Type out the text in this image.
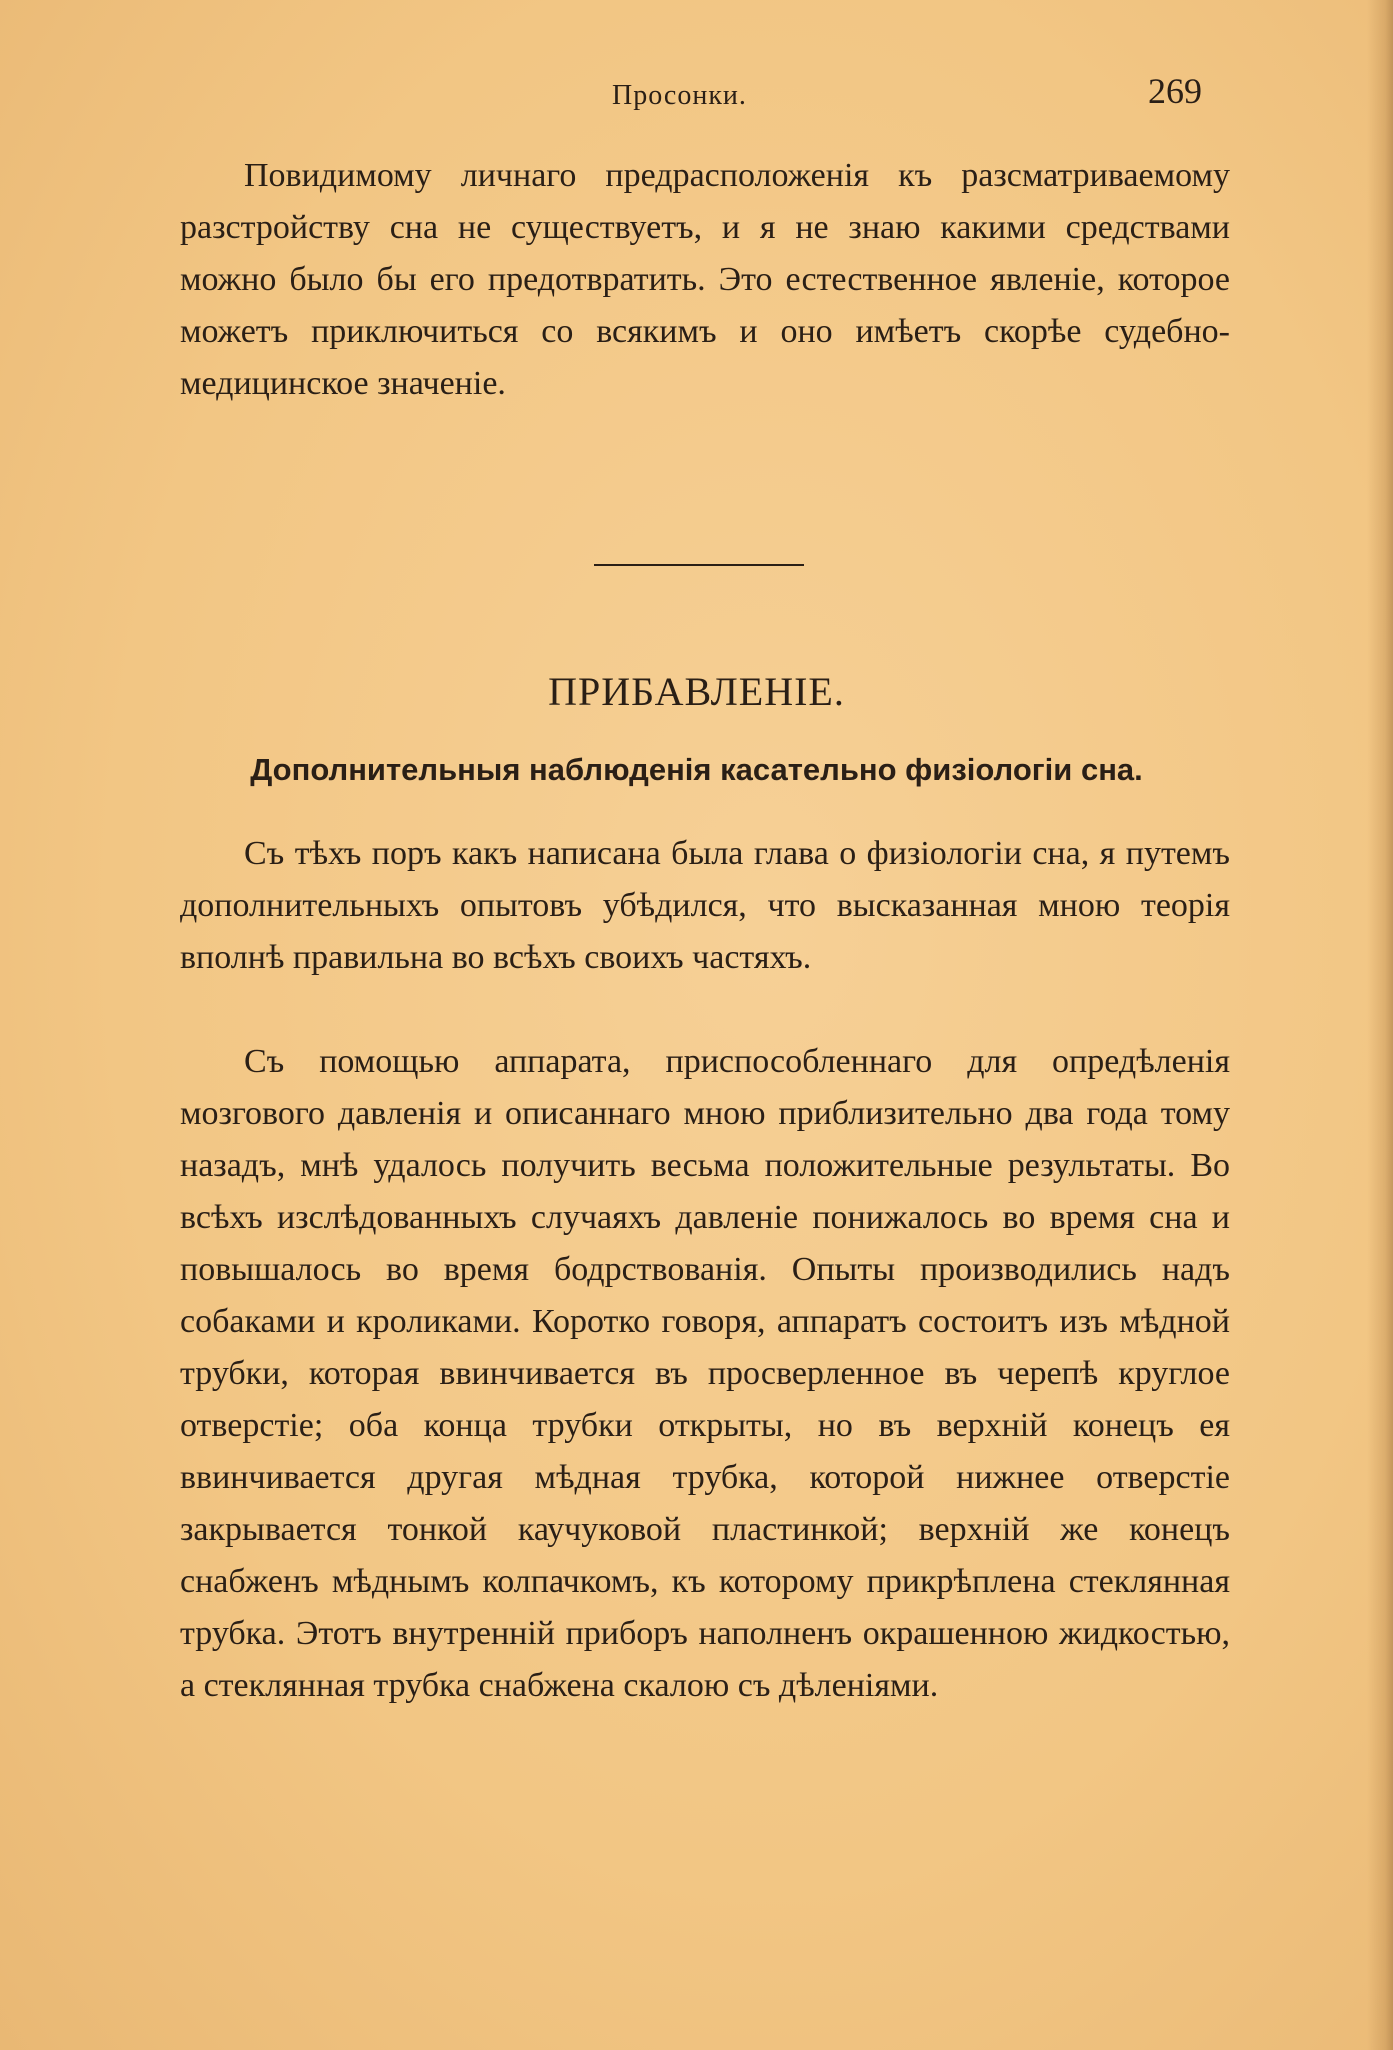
Просонки.	269

Повидимому личнаго предрасположенія къ разсматриваемому разстройству сна не существуетъ, и я не знаю какими средствами можно было бы его предотвратить. Это естественное явленіе, которое можетъ приключиться со всякимъ и оно имѣетъ скорѣе судебно-медицинское значеніе.

ПРИБАВЛЕНІЕ.
Дополнительныя наблюденія касательно физіологіи сна.

Съ тѣхъ поръ какъ написана была глава о физіологіи сна, я путемъ дополнительныхъ опытовъ убѣдился, что высказанная мною теорія вполнѣ правильна во всѣхъ своихъ частяхъ.

Съ помощью аппарата, приспособленнаго для опредѣленія мозгового давленія и описаннаго мною приблизительно два года тому назадъ, мнѣ удалось получить весьма положительные результаты. Во всѣхъ изслѣдованныхъ случаяхъ давленіе понижалось во время сна и повышалось во время бодрствованія. Опыты производились надъ собаками и кроликами. Коротко говоря, аппаратъ состоитъ изъ мѣдной трубки, которая ввинчивается въ просверленное въ черепѣ круглое отверстіе; оба конца трубки открыты, но въ верхній конецъ ея ввинчивается другая мѣдная трубка, которой нижнее отверстіе закрывается тонкой каучуковой пластинкой; верхній же конецъ снабженъ мѣднымъ колпачкомъ, къ которому прикрѣплена стеклянная трубка. Этотъ внутренній приборъ наполненъ окрашенною жидкостью, а стеклянная трубка снабжена скалою съ дѣленіями.
